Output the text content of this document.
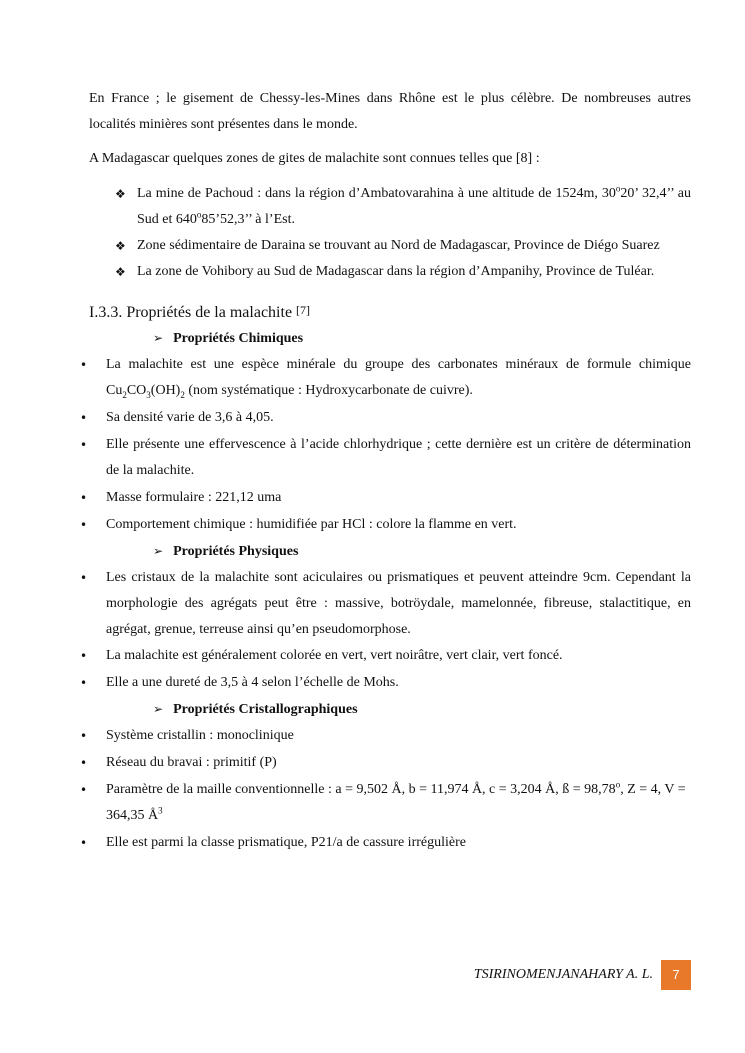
En France ; le gisement de Chessy-les-Mines dans Rhône est le plus célèbre. De nombreuses autres localités minières sont présentes dans le monde.

A Madagascar quelques zones de gites de malachite sont connues telles que [8] :

❖ La mine de Pachoud : dans la région d’Ambatovarahina à une altitude de 1524m, 30$^o$20’ 32,4’’ au Sud et 640$^o$85’52,3’’ à l’Est.
❖ Zone sédimentaire de Daraina se trouvant au Nord de Madagascar, Province de Diégo Suarez
❖ La zone de Vohibory au Sud de Madagascar dans la région d’Ampanihy, Province de Tuléar.
I.3.3. Propriétés de la malachite [7]
➢ Propriétés Chimiques
• La malachite est une espèce minérale du groupe des carbonates minéraux de formule chimique $Cu_2CO_3(OH)_2$ (nom systématique : Hydroxycarbonate de cuivre).
• Sa densité varie de 3,6 à 4,05.
• Elle présente une effervescence à l’acide chlorhydrique ; cette dernière est un critère de détermination de la malachite.
• Masse formulaire : 221,12 uma
• Comportement chimique : humidifiée par HCl : colore la flamme en vert.
➢ Propriétés Physiques
• Les cristaux de la malachite sont aciculaires ou prismatiques et peuvent atteindre 9cm. Cependant la morphologie des agrégats peut être : massive, botröydale, mamelonnée, fibreuse, stalactitique, en agrégat, grenue, terreuse ainsi qu’en pseudomorphose.
• La malachite est généralement colorée en vert, vert noirâtre, vert clair, vert foncé.
• Elle a une dureté de 3,5 à 4 selon l’échelle de Mohs.
➢ Propriétés Cristallographiques
• Système cristallin : monoclinique
• Réseau du bravai : primitif (P)
• Paramètre de la maille conventionnelle : a = 9,502 Å, b = 11,974 Å, c = 3,204 Å, ß = $98,78^o$, Z = 4, V = 364,35 $Å^3$
• Elle est parmi la classe prismatique, P21/a de cassure irrégulière
TSIRINOMENJANAHARY A. L.	7
